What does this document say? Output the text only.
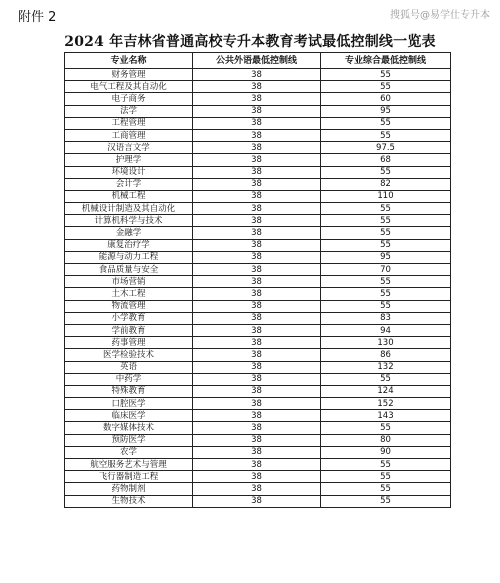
附件 2	搜狐号@易学仕专升本
2024 年吉林省普通高校专升本教育考试最低控制线一览表
专业名称	公共外语最低控制线	专业综合最低控制线
财务管理	38	55
电气工程及其自动化	38	55
电子商务	38	60
法学	38	95
工程管理	38	55
工商管理	38	55
汉语言文学	38	97.5
护理学	38	68
环境设计	38	55
会计学	38	82
机械工程	38	110
机械设计制造及其自动化	38	55
计算机科学与技术	38	55
金融学	38	55
康复治疗学	38	55
能源与动力工程	38	95
食品质量与安全	38	70
市场营销	38	55
土木工程	38	55
物流管理	38	55
小学教育	38	83
学前教育	38	94
药事管理	38	130
医学检验技术	38	86
英语	38	132
中药学	38	55
特殊教育	38	124
口腔医学	38	152
临床医学	38	143
数字媒体技术	38	55
预防医学	38	80
农学	38	90
航空服务艺术与管理	38	55
飞行器制造工程	38	55
药物制剂	38	55
生物技术	38	55
